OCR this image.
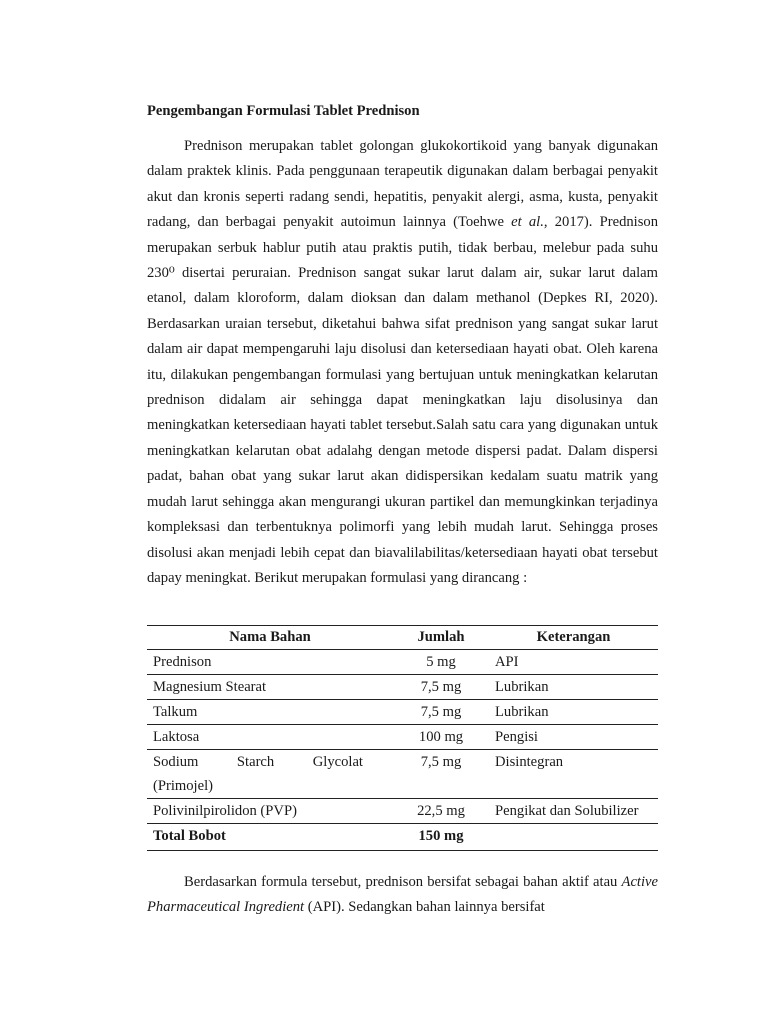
Pengembangan Formulasi Tablet Prednison

Prednison merupakan tablet golongan glukokortikoid yang banyak digunakan dalam praktek klinis. Pada penggunaan terapeutik digunakan dalam berbagai penyakit akut dan kronis seperti radang sendi, hepatitis, penyakit alergi, asma, kusta, penyakit radang, dan berbagai penyakit autoimun lainnya (Toehwe et al., 2017). Prednison merupakan serbuk hablur putih atau praktis putih, tidak berbau, melebur pada suhu 230⁰ disertai peruraian. Prednison sangat sukar larut dalam air, sukar larut dalam etanol, dalam kloroform, dalam dioksan dan dalam methanol (Depkes RI, 2020). Berdasarkan uraian tersebut, diketahui bahwa sifat prednison yang sangat sukar larut dalam air dapat mempengaruhi laju disolusi dan ketersediaan hayati obat. Oleh karena itu, dilakukan pengembangan formulasi yang bertujuan untuk meningkatkan kelarutan prednison didalam air sehingga dapat meningkatkan laju disolusinya dan meningkatkan ketersediaan hayati tablet tersebut.Salah satu cara yang digunakan untuk meningkatkan kelarutan obat adalahg dengan metode dispersi padat. Dalam dispersi padat, bahan obat yang sukar larut akan didispersikan kedalam suatu matrik yang mudah larut sehingga akan mengurangi ukuran partikel dan memungkinkan terjadinya kompleksasi dan terbentuknya polimorfi yang lebih mudah larut. Sehingga proses disolusi akan menjadi lebih cepat dan biavalilabilitas/ketersediaan hayati obat tersebut dapay meningkat. Berikut merupakan formulasi yang dirancang :

Nama Bahan	Jumlah	Keterangan
Prednison	5 mg	API
Magnesium Stearat	7,5 mg	Lubrikan
Talkum	7,5 mg	Lubrikan
Laktosa	100 mg	Pengisi

Sodium Starch Glycolat
(Primojel)	7,5 mg	Disintegran
Polivinilpirolidon (PVP)	22,5 mg	Pengikat dan Solubilizer
Total Bobot	150 mg	

Berdasarkan formula tersebut, prednison bersifat sebagai bahan aktif atau Active Pharmaceutical Ingredient (API). Sedangkan bahan lainnya bersifat
